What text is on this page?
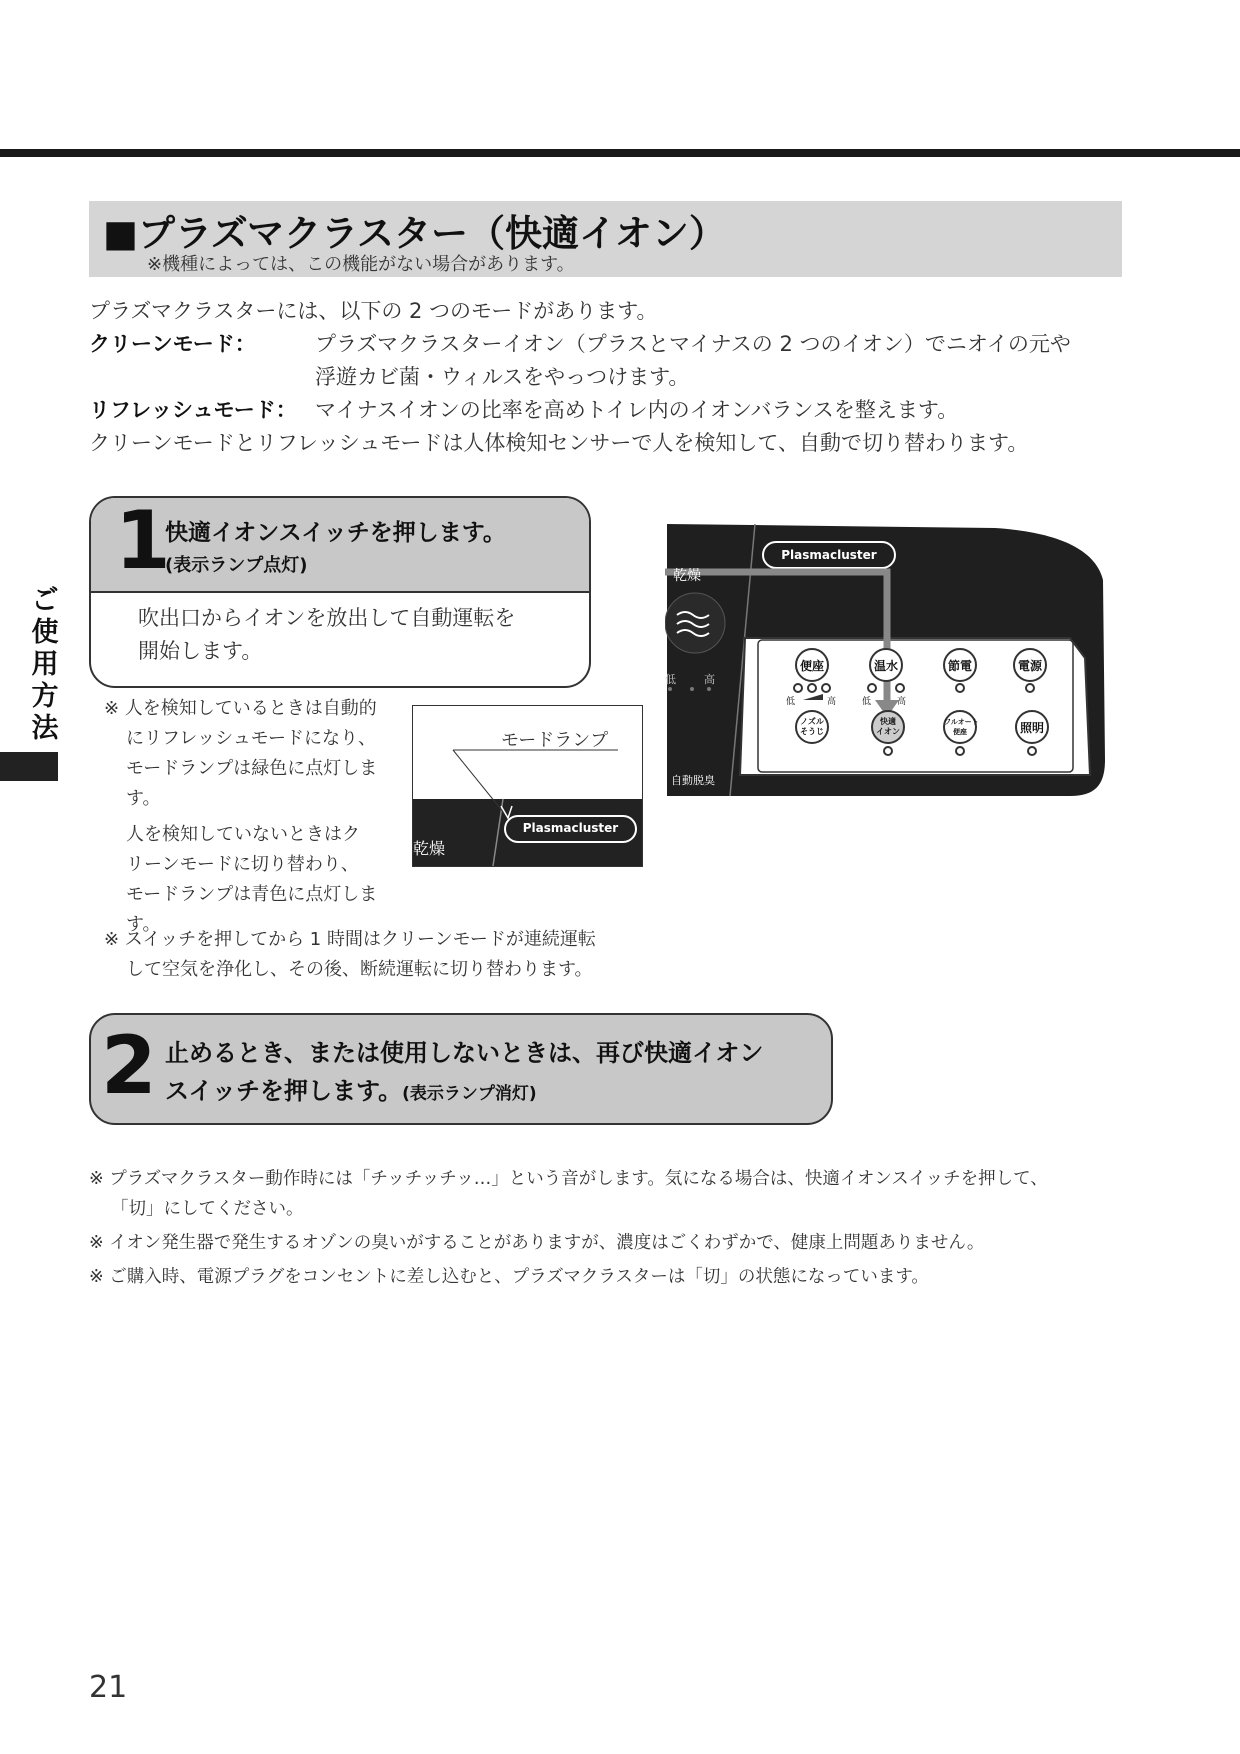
■プラズマクラスター（快適イオン）
※機種によっては、この機能がない場合があります。
プラズマクラスターには、以下の 2 つのモードがあります。
クリーンモード：	プラズマクラスターイオン（プラスとマイナスの 2 つのイオン）でニオイの元や
浮遊カビ菌・ウィルスをやっつけます。
リフレッシュモード： マイナスイオンの比率を高めトイレ内のイオンバランスを整えます。
クリーンモードとリフレッシュモードは人体検知センサーで人を検知して、自動で切り替わります。
ご
使
用
方
法
1
快適イオンスイッチを押します。
(表示ランプ点灯)
吹出口からイオンを放出して自動運転を
開始します。
※ 人を検知しているときは自動的
にリフレッシュモードになり、
モードランプは緑色に点灯しま
す。
人を検知していないときはク
リーンモードに切り替わり、
モードランプは青色に点灯しま
す。
※ スイッチを押してから 1 時間はクリーンモードが連続運転
して空気を浄化し、その後、断続運転に切り替わります。
モードランプ
Plasmacluster
乾燥
Plasmacluster
乾燥
低	高
自動脱臭
便座	温水	節電	電源
低	高	低	高
ノズル
そうじ
快適
イオン
フルオート
便座	照明
2 止めるとき、または使用しないときは、再び快適イオン
スイッチを押します。(表示ランプ消灯)
※ プラズマクラスター動作時には「チッチッチッ…」という音がします。気になる場合は、快適イオンスイッチを押して、
「切」にしてください。
※ イオン発生器で発生するオゾンの臭いがすることがありますが、濃度はごくわずかで、健康上問題ありません。
※ ご購入時、電源プラグをコンセントに差し込むと、プラズマクラスターは「切」の状態になっています。
21
